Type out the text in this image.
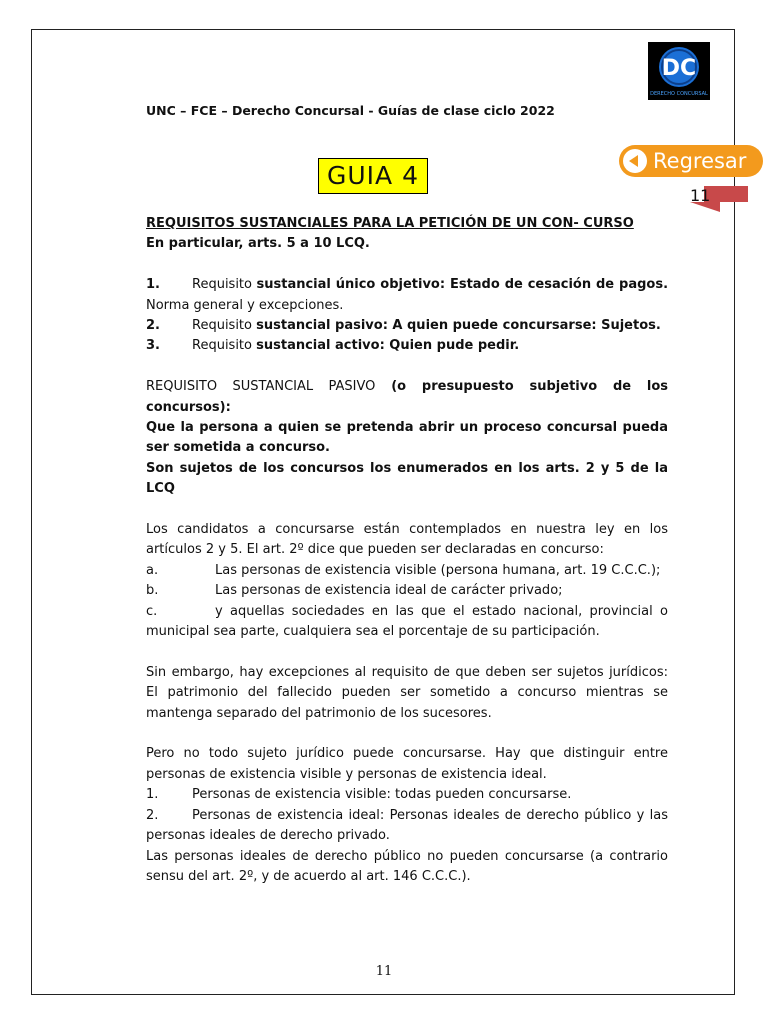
DC
DERECHO CONCURSAL
UNC – FCE – Derecho Concursal - Guías de clase ciclo 2022
GUIA 4	Regresar
11

REQUISITOS SUSTANCIALES PARA LA PETICIÓN DE UN CON- CURSO

En particular, arts. 5 a 10 LCQ.

1. Requisito sustancial único objetivo: Estado de cesación de pagos. Norma general y excepciones.

2. Requisito sustancial pasivo: A quien puede concursarse: Sujetos.

3. Requisito sustancial activo: Quien pude pedir.

REQUISITO SUSTANCIAL PASIVO (o presupuesto subjetivo de los concursos):

Que la persona a quien se pretenda abrir un proceso concursal pueda ser sometida a concurso.

Son sujetos de los concursos los enumerados en los arts. 2 y 5 de la LCQ

Los candidatos a concursarse están contemplados en nuestra ley en los artículos 2 y 5. El art. 2º dice que pueden ser declaradas en concurso:

a.	Las personas de existencia visible (persona humana, art. 19 C.C.C.);

b.	Las personas de existencia ideal de carácter privado;

c.	y aquellas sociedades en las que el estado nacional, provincial o municipal sea parte, cualquiera sea el porcentaje de su participación.

Sin embargo, hay excepciones al requisito de que deben ser sujetos jurídicos: El patrimonio del fallecido pueden ser sometido a concurso mientras se mantenga separado del patrimonio de los sucesores.

Pero no todo sujeto jurídico puede concursarse. Hay que distinguir entre personas de existencia visible y personas de existencia ideal.

1.	Personas de existencia visible: todas pueden concursarse.

2.	Personas de existencia ideal: Personas ideales de derecho público y las personas ideales de derecho privado.

Las personas ideales de derecho público no pueden concursarse (a contrario sensu del art. 2º, y de acuerdo al art. 146 C.C.C.).

11
